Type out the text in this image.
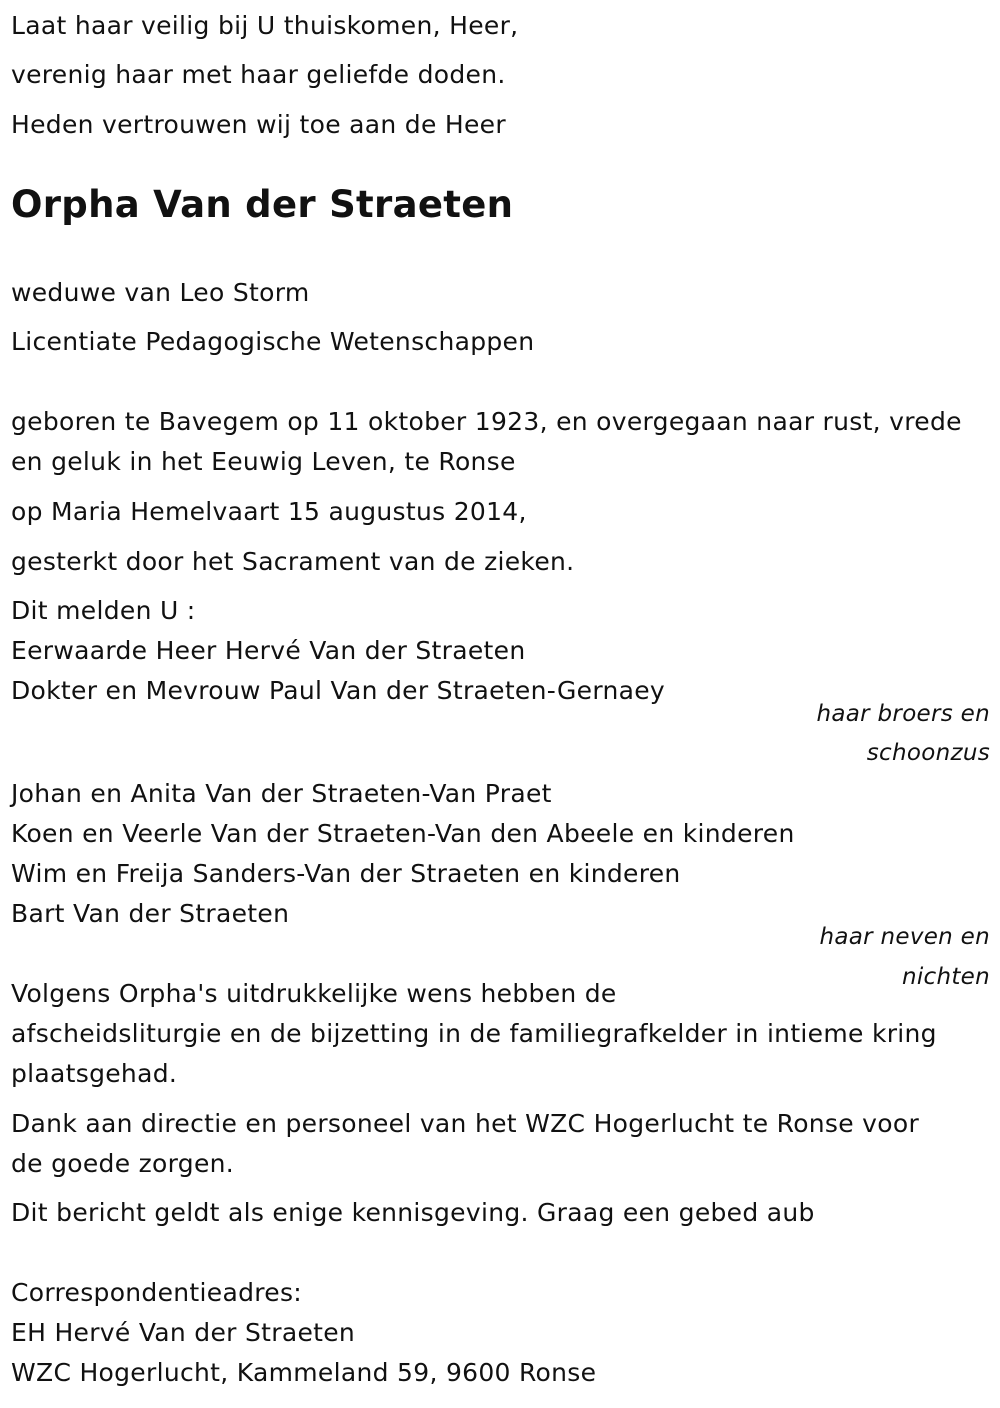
Laat haar veilig bij U thuiskomen, Heer,
verenig haar met haar geliefde doden.
Heden vertrouwen wij toe aan de Heer
Orpha Van der Straeten
weduwe van Leo Storm
Licentiate Pedagogische Wetenschappen
geboren te Bavegem op 11 oktober 1923, en overgegaan naar rust, vrede
en geluk in het Eeuwig Leven, te Ronse
op Maria Hemelvaart 15 augustus 2014,
gesterkt door het Sacrament van de zieken.
Dit melden U :
Eerwaarde Heer Hervé Van der Straeten
Dokter en Mevrouw Paul Van der Straeten-Gernaey
haar broers en
schoonzus
Johan en Anita Van der Straeten-Van Praet
Koen en Veerle Van der Straeten-Van den Abeele en kinderen
Wim en Freija Sanders-Van der Straeten en kinderen
Bart Van der Straeten
haar neven en
nichten
Volgens Orpha's uitdrukkelijke wens hebben de
afscheidsliturgie en de bijzetting in de familiegrafkelder in intieme kring
plaatsgehad.
Dank aan directie en personeel van het WZC Hogerlucht te Ronse voor
de goede zorgen.
Dit bericht geldt als enige kennisgeving. Graag een gebed aub
Correspondentieadres:
EH Hervé Van der Straeten
WZC Hogerlucht, Kammeland 59, 9600 Ronse
